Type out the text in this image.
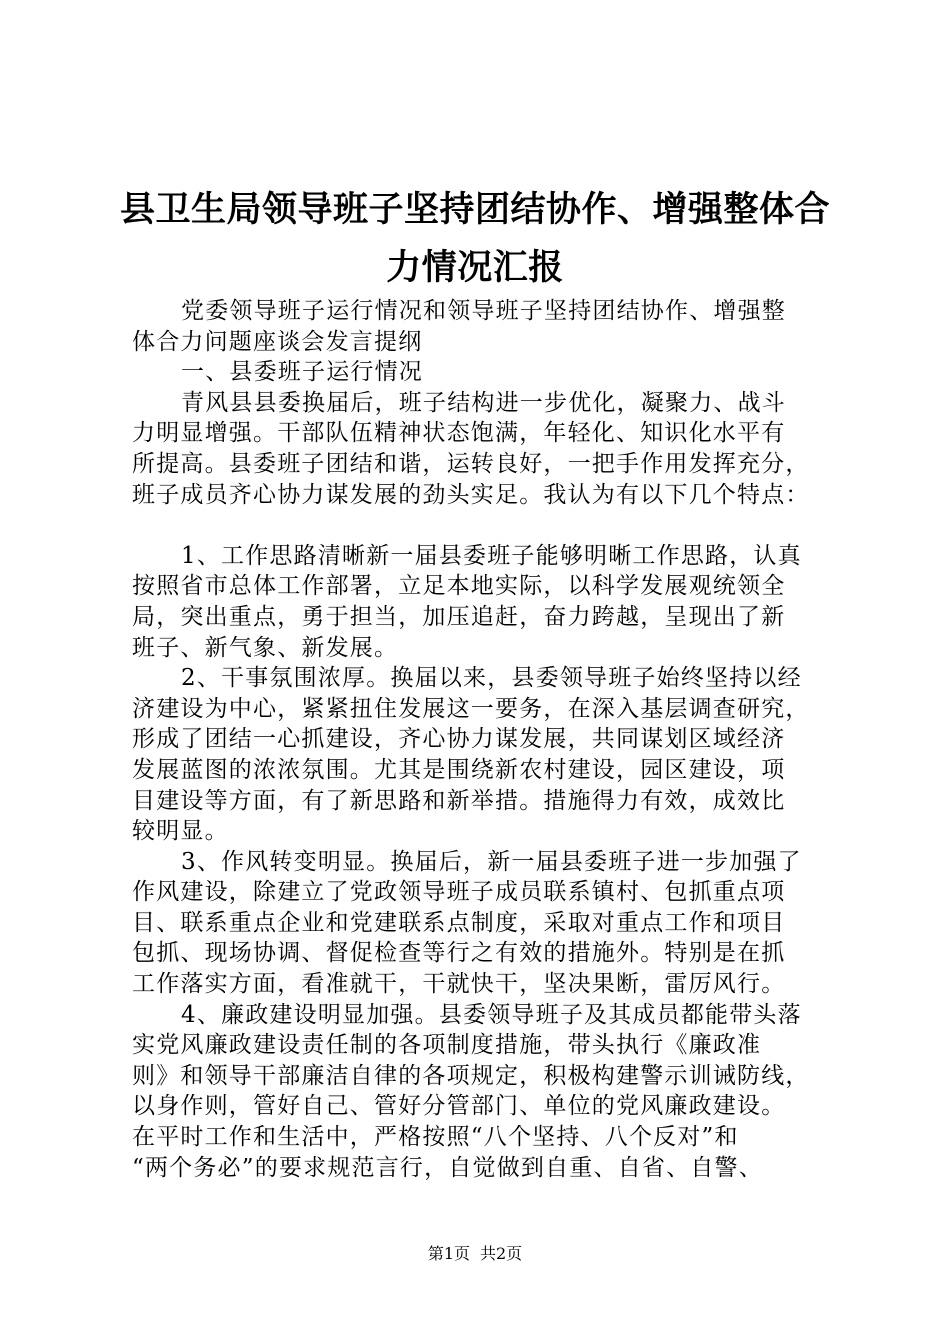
县卫生局领导班子坚持团结协作、增强整体合
力情况汇报
党委领导班子运行情况和领导班子坚持团结协作、增强整
体合力问题座谈会发言提纲
一、县委班子运行情况
青风县县委换届后，班子结构进一步优化，凝聚力、战斗
力明显增强。干部队伍精神状态饱满，年轻化、知识化水平有
所提高。县委班子团结和谐，运转良好，一把手作用发挥充分，
班子成员齐心协力谋发展的劲头实足。我认为有以下几个特点：
1、工作思路清晰新一届县委班子能够明晰工作思路，认真
按照省市总体工作部署，立足本地实际，以科学发展观统领全
局，突出重点，勇于担当，加压追赶，奋力跨越，呈现出了新
班子、新气象、新发展。
2、干事氛围浓厚。换届以来，县委领导班子始终坚持以经
济建设为中心，紧紧扭住发展这一要务，在深入基层调查研究，
形成了团结一心抓建设，齐心协力谋发展，共同谋划区域经济
发展蓝图的浓浓氛围。尤其是围绕新农村建设，园区建设，项
目建设等方面，有了新思路和新举措。措施得力有效，成效比
较明显。
3、作风转变明显。换届后，新一届县委班子进一步加强了
作风建设，除建立了党政领导班子成员联系镇村、包抓重点项
目、联系重点企业和党建联系点制度，采取对重点工作和项目
包抓、现场协调、督促检查等行之有效的措施外。特别是在抓
工作落实方面，看准就干，干就快干，坚决果断，雷厉风行。
4、廉政建设明显加强。县委领导班子及其成员都能带头落
实党风廉政建设责任制的各项制度措施，带头执行《廉政准
则》和领导干部廉洁自律的各项规定，积极构建警示训诫防线，
以身作则，管好自己、管好分管部门、单位的党风廉政建设。
在平时工作和生活中，严格按照“八个坚持、八个反对”和
“两个务必”的要求规范言行，自觉做到自重、自省、自警、
第1页 共2页
